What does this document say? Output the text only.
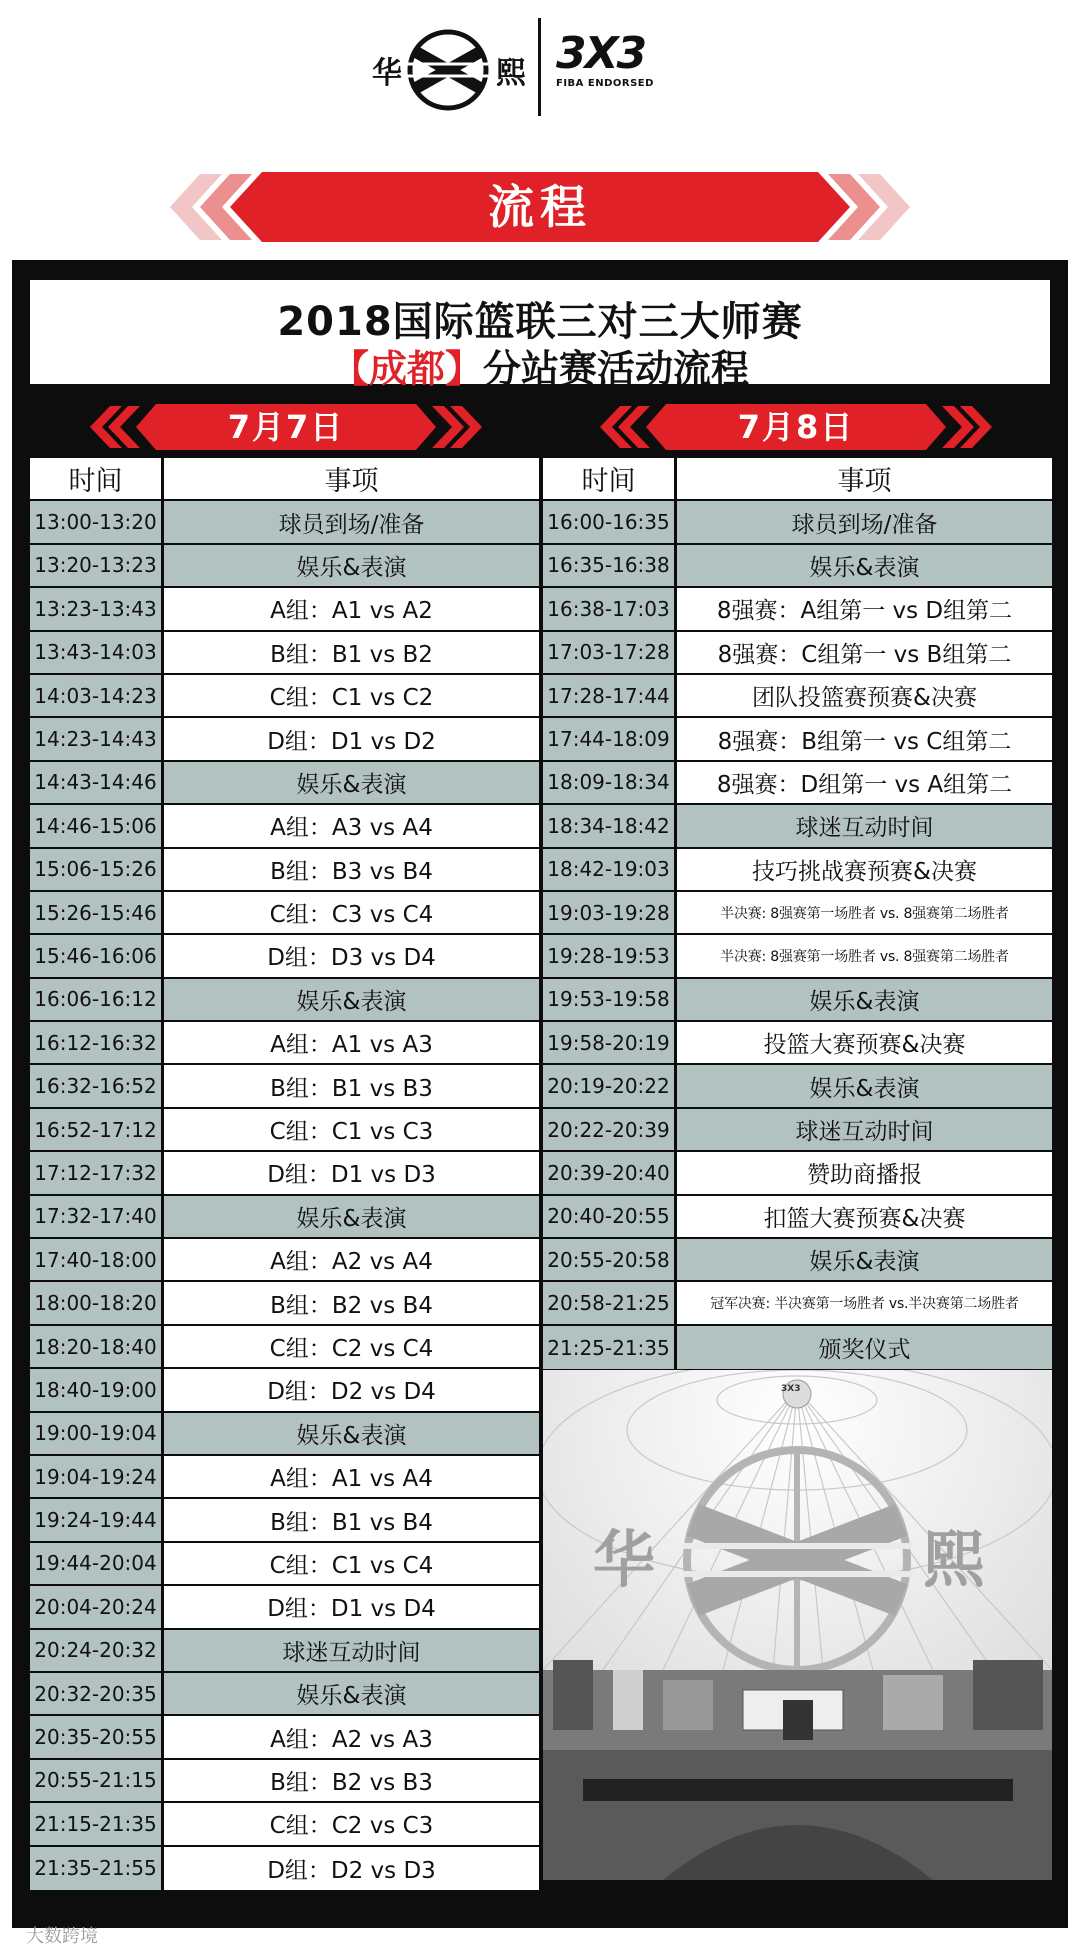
华	熙 3X3
FIBA ENDORSED
流程
2018国际篮联三对三大师赛
【成都】分站赛活动流程
7月7日	7月8日
时间	事项
13:00-13:20	球员到场/准备
13:20-13:23	娱乐&表演
13:23-13:43	A组：A1 vs A2
13:43-14:03	B组：B1 vs B2
14:03-14:23	C组：C1 vs C2
14:23-14:43	D组：D1 vs D2
14:43-14:46	娱乐&表演
14:46-15:06	A组：A3 vs A4
15:06-15:26	B组：B3 vs B4
15:26-15:46	C组：C3 vs C4
15:46-16:06	D组：D3 vs D4
16:06-16:12	娱乐&表演
16:12-16:32	A组：A1 vs A3
16:32-16:52	B组：B1 vs B3
16:52-17:12	C组：C1 vs C3
17:12-17:32	D组：D1 vs D3
17:32-17:40	娱乐&表演
17:40-18:00	A组：A2 vs A4
18:00-18:20	B组：B2 vs B4
18:20-18:40	C组：C2 vs C4
18:40-19:00	D组：D2 vs D4
19:00-19:04	娱乐&表演
19:04-19:24	A组：A1 vs A4
19:24-19:44	B组：B1 vs B4
19:44-20:04	C组：C1 vs C4
20:04-20:24	D组：D1 vs D4
20:24-20:32	球迷互动时间
20:32-20:35	娱乐&表演
20:35-20:55	A组：A2 vs A3
20:55-21:15	B组：B2 vs B3
21:15-21:35	C组：C2 vs C3
21:35-21:55	D组：D2 vs D3
时间	事项
16:00-16:35	球员到场/准备
16:35-16:38	娱乐&表演
16:38-17:03	8强赛：A组第一 vs D组第二
17:03-17:28	8强赛：C组第一 vs B组第二
17:28-17:44	团队投篮赛预赛&决赛
17:44-18:09	8强赛：B组第一 vs C组第二
18:09-18:34	8强赛：D组第一 vs A组第二
18:34-18:42	球迷互动时间
18:42-19:03	技巧挑战赛预赛&决赛
19:03-19:28	半决赛: 8强赛第一场胜者 vs. 8强赛第二场胜者
19:28-19:53	半决赛: 8强赛第一场胜者 vs. 8强赛第二场胜者
19:53-19:58	娱乐&表演
19:58-20:19	投篮大赛预赛&决赛
20:19-20:22	娱乐&表演
20:22-20:39	球迷互动时间
20:39-20:40	赞助商播报
20:40-20:55	扣篮大赛预赛&决赛
20:55-20:58	娱乐&表演
20:58-21:25	冠军决赛: 半决赛第一场胜者 vs.半决赛第二场胜者
21:25-21:35	颁奖仪式
华	熙
3X3
大数跨境
